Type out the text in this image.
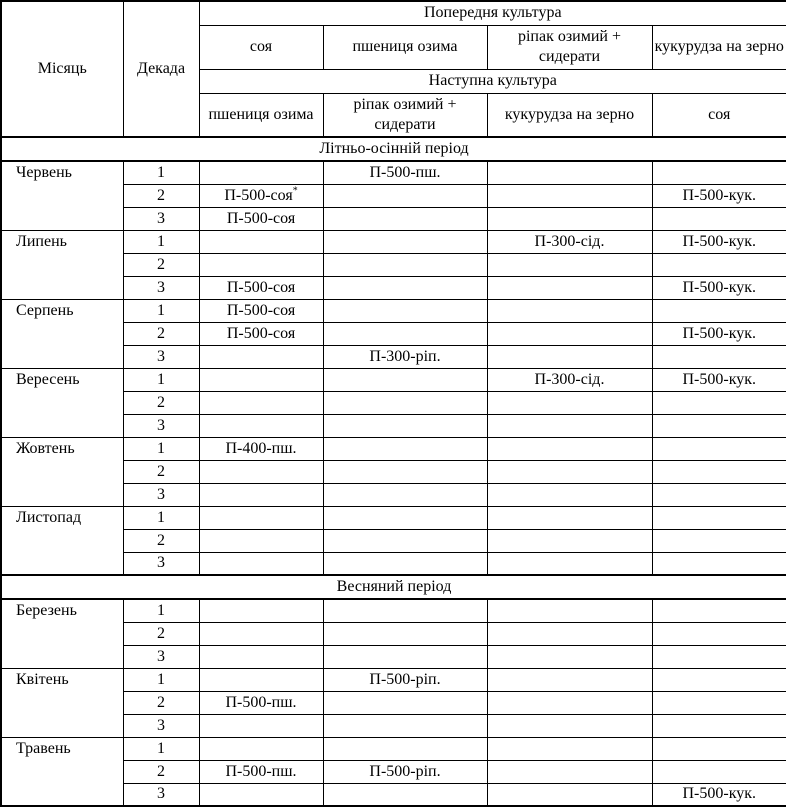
Місяць	Декада	Попередня культура			
		соя	пшениця озима	ріпак озимий + сидерати	кукурудза на зерно
		Наступна культура			
		пшениця озима	ріпак озимий + сидерати	кукурудза на зерно	соя
Літньо-осінній період					
Червень	1		П-500-пш.		
	2	П-500-соя*			П-500-кук.
	3	П-500-соя			
Липень	1			П-300-сід.	П-500-кук.
	2				
	3	П-500-соя			П-500-кук.
Серпень	1	П-500-соя			
	2	П-500-соя			П-500-кук.
	3		П-300-ріп.		
Вересень	1			П-300-сід.	П-500-кук.
	2				
	3				
Жовтень	1	П-400-пш.			
	2				
	3				
Листопад	1				
	2				
	3				
Весняний період					
Березень	1				
	2				
	3				
Квітень	1		П-500-ріп.		
	2	П-500-пш.			
	3				
Травень	1				
	2	П-500-пш.	П-500-ріп.		
	3				П-500-кук.
